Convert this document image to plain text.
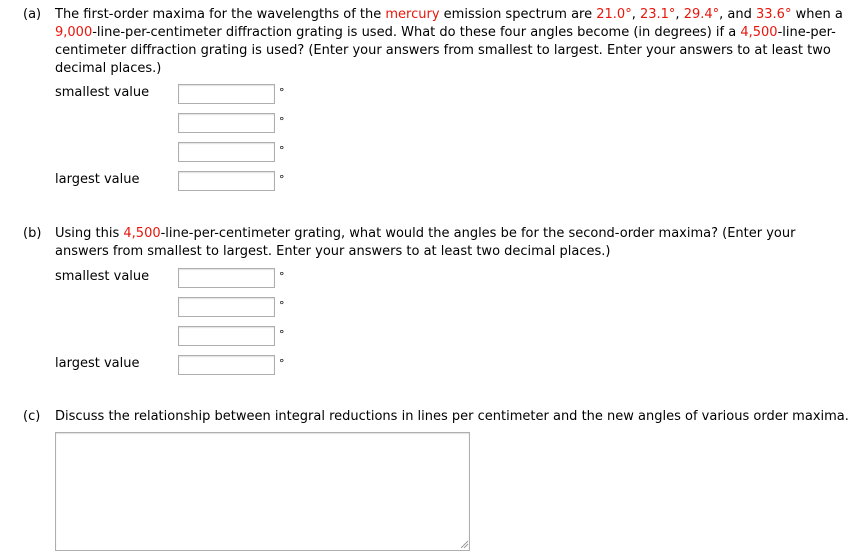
(a) The first-order maxima for the wavelengths of the mercury emission spectrum are 21.0°, 23.1°, 29.4°, and 33.6° when a 9,000-line-per-centimeter diffraction grating is used. What do these four angles become (in degrees) if a 4,500-line-per-centimeter diffraction grating is used? (Enter your answers from smallest to largest. Enter your answers to at least two decimal places.)

smallest value	°
°
°
largest value	°
(b) Using this 4,500-line-per-centimeter grating, what would the angles be for the second-order maxima? (Enter your answers from smallest to largest. Enter your answers to at least two decimal places.)

smallest value	°
°
°
largest value	°
(c) Discuss the relationship between integral reductions in lines per centimeter and the new angles of various order maxima.
